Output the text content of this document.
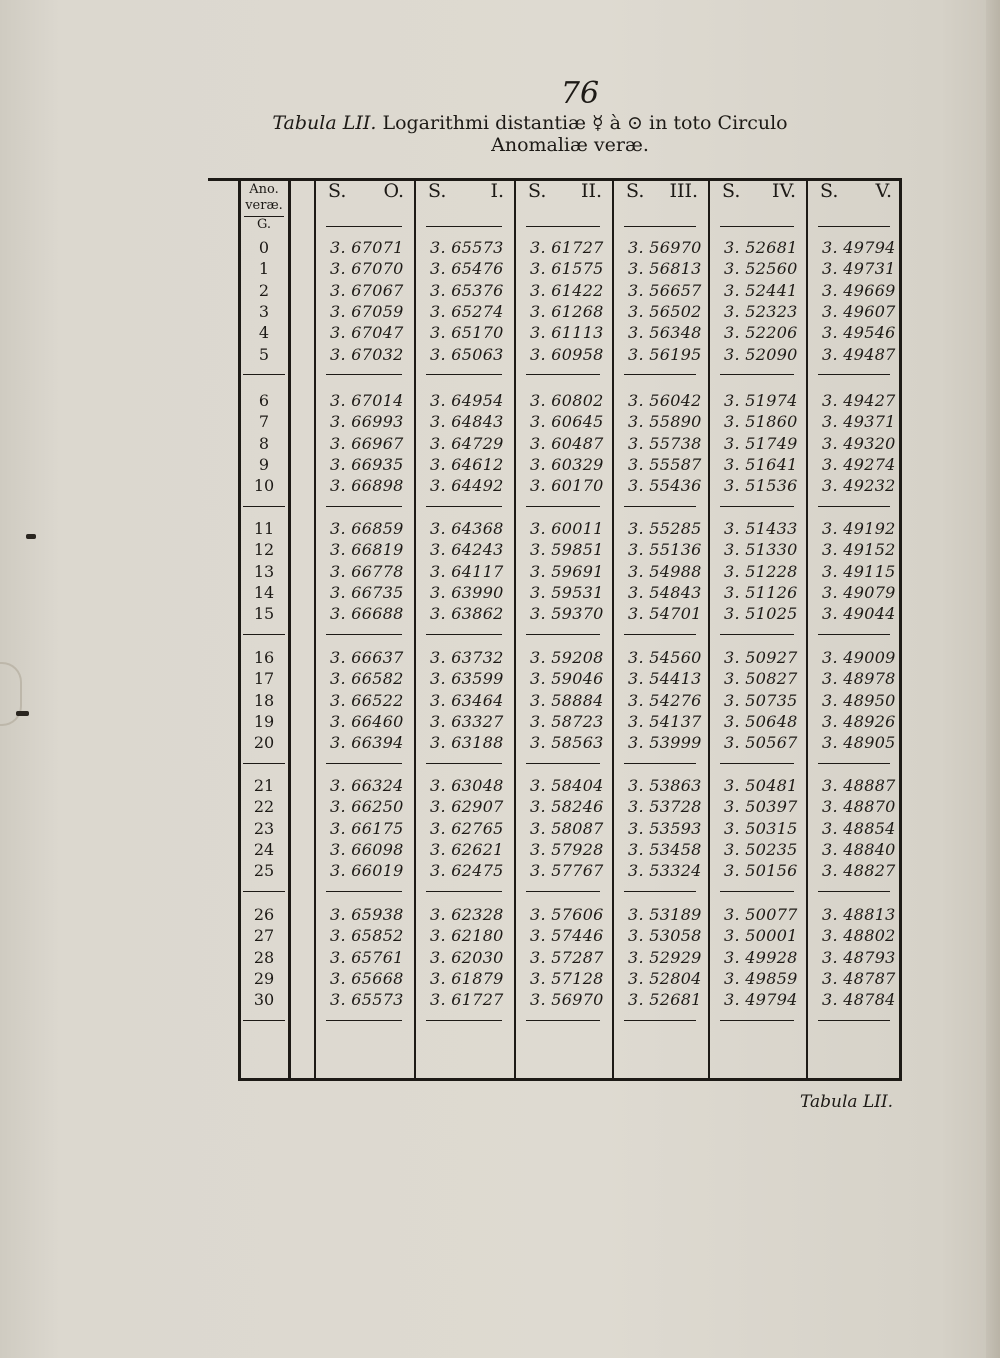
76
Tabula LII. Logarithmi distantiæ ☿ à ⊙ in toto Circulo
Anomaliæ veræ.
S. O. S. I. S. II. S. III. S. IV. S. V.
0	3. 67071 3. 65573 3. 61727 3. 56970 3. 52681 3. 49794
1	3. 67070 3. 65476 3. 61575 3. 56813 3. 52560 3. 49731
2	3. 67067 3. 65376 3. 61422 3. 56657 3. 52441 3. 49669
3	3. 67059 3. 65274 3. 61268 3. 56502 3. 52323 3. 49607
4	3. 67047 3. 65170 3. 61113 3. 56348 3. 52206 3. 49546
5	3. 67032 3. 65063 3. 60958 3. 56195 3. 52090 3. 49487
6	3. 67014 3. 64954 3. 60802 3. 56042 3. 51974 3. 49427
7	3. 66993 3. 64843 3. 60645 3. 55890 3. 51860 3. 49371
8	3. 66967 3. 64729 3. 60487 3. 55738 3. 51749 3. 49320
9	3. 66935 3. 64612 3. 60329 3. 55587 3. 51641 3. 49274
10	3. 66898 3. 64492 3. 60170 3. 55436 3. 51536 3. 49232
11	3. 66859 3. 64368 3. 60011 3. 55285 3. 51433 3. 49192
12	3. 66819 3. 64243 3. 59851 3. 55136 3. 51330 3. 49152
13	3. 66778 3. 64117 3. 59691 3. 54988 3. 51228 3. 49115
14	3. 66735 3. 63990 3. 59531 3. 54843 3. 51126 3. 49079
15	3. 66688 3. 63862 3. 59370 3. 54701 3. 51025 3. 49044
16	3. 66637 3. 63732 3. 59208 3. 54560 3. 50927 3. 49009
17	3. 66582 3. 63599 3. 59046 3. 54413 3. 50827 3. 48978
18	3. 66522 3. 63464 3. 58884 3. 54276 3. 50735 3. 48950
19	3. 66460 3. 63327 3. 58723 3. 54137 3. 50648 3. 48926
20	3. 66394 3. 63188 3. 58563 3. 53999 3. 50567 3. 48905
21	3. 66324 3. 63048 3. 58404 3. 53863 3. 50481 3. 48887
22	3. 66250 3. 62907 3. 58246 3. 53728 3. 50397 3. 48870
23	3. 66175 3. 62765 3. 58087 3. 53593 3. 50315 3. 48854
24	3. 66098 3. 62621 3. 57928 3. 53458 3. 50235 3. 48840
25	3. 66019 3. 62475 3. 57767 3. 53324 3. 50156 3. 48827
26	3. 65938 3. 62328 3. 57606 3. 53189 3. 50077 3. 48813
27	3. 65852 3. 62180 3. 57446 3. 53058 3. 50001 3. 48802
28	3. 65761 3. 62030 3. 57287 3. 52929 3. 49928 3. 48793
29	3. 65668 3. 61879 3. 57128 3. 52804 3. 49859 3. 48787
30	3. 65573 3. 61727 3. 56970 3. 52681 3. 49794 3. 48784
Ano.
veræ.
G.
Tabula LII.
